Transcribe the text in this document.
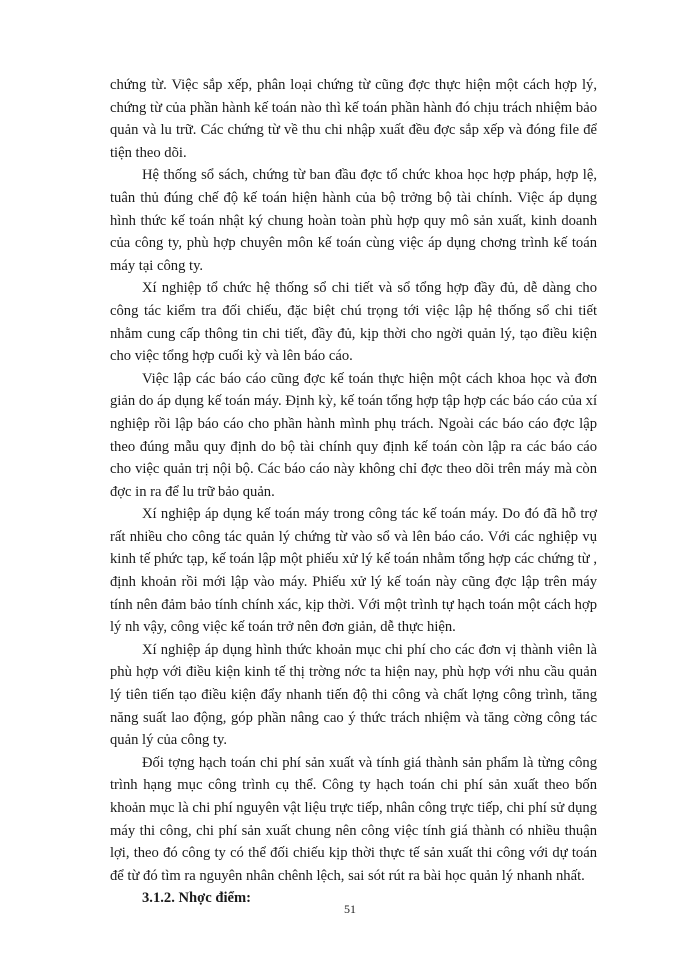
chứng từ. Việc sắp xếp, phân loại chứng từ cũng đợc thực hiện một cách hợp lý, chứng từ của phần hành kế toán nào thì kế toán phần hành đó chịu trách nhiệm bảo quản và lu trữ. Các chứng từ về thu chi nhập xuất đều đợc sắp xếp và đóng file để tiện theo dõi.

Hệ thống sổ sách, chứng từ ban đầu đợc tổ chức khoa học hợp pháp, hợp lệ, tuân thủ đúng chế độ kế toán hiện hành của bộ trởng bộ tài chính. Việc áp dụng hình thức kế toán nhật ký chung hoàn toàn phù hợp quy mô sản xuất, kinh doanh của công ty, phù hợp chuyên môn kế toán cùng việc áp dụng chơng trình kế toán máy tại công ty.

Xí nghiệp tổ chức hệ thống sổ chi tiết và sổ tổng hợp đầy đủ, dễ dàng cho công tác kiểm tra đối chiếu, đặc biệt chú trọng tới việc lập hệ thống sổ chi tiết nhằm cung cấp thông tin chi tiết, đầy đủ, kịp thời cho ngời quản lý, tạo điều kiện cho việc tổng hợp cuối kỳ và lên báo cáo.

Việc lập các báo cáo cũng đợc kế toán thực hiện một cách khoa học và đơn giản do áp dụng kế toán máy. Định kỳ, kế toán tổng hợp tập hợp các báo cáo của xí nghiệp rồi lập báo cáo cho phần hành mình phụ trách. Ngoài các báo cáo đợc lập theo đúng mẫu quy định do bộ tài chính quy định kế toán còn lập ra các báo cáo cho việc quản trị nội bộ. Các báo cáo này không chỉ đợc theo dõi trên máy mà còn đợc in ra để lu trữ bảo quản.

Xí nghiệp áp dụng kế toán máy trong công tác kế toán máy. Do đó đã hỗ trợ rất nhiều cho công tác quản lý chứng từ vào sổ và lên báo cáo. Với các nghiệp vụ kinh tế phức tạp, kế toán lập một phiếu xử lý kế toán nhằm tổng hợp các chứng từ , định khoản rồi mới lập vào máy. Phiếu xử lý kế toán này cũng đợc lập trên máy tính nên đảm bảo tính chính xác, kịp thời. Với một trình tự hạch toán một cách hợp lý nh vậy, công việc kế toán trở nên đơn giản, dễ thực hiện.

Xí nghiệp áp dụng hình thức khoản mục chi phí cho các đơn vị thành viên là phù hợp với điều kiện kinh tế thị trờng nớc ta hiện nay, phù hợp với nhu cầu quản lý tiên tiến tạo điều kiện đẩy nhanh tiến độ thi công và chất lợng công trình, tăng năng suất lao động, góp phần nâng cao ý thức trách nhiệm và tăng cờng công tác quản lý của công ty.

Đối tợng hạch toán chi phí sản xuất và tính giá thành sản phẩm là từng công trình hạng mục công trình cụ thể. Công ty hạch toán chi phí sản xuất theo bốn khoản mục là chi phí nguyên vật liệu trực tiếp, nhân công trực tiếp, chi phí sử dụng máy thi công, chi phí sản xuất chung nên công việc tính giá thành có nhiều thuận lợi, theo đó công ty có thể đối chiếu kịp thời thực tế sản xuất thi công với dự toán để từ đó tìm ra nguyên nhân chênh lệch, sai sót rút ra bài học quản lý nhanh nhất.

3.1.2. Nhợc điểm:

51
